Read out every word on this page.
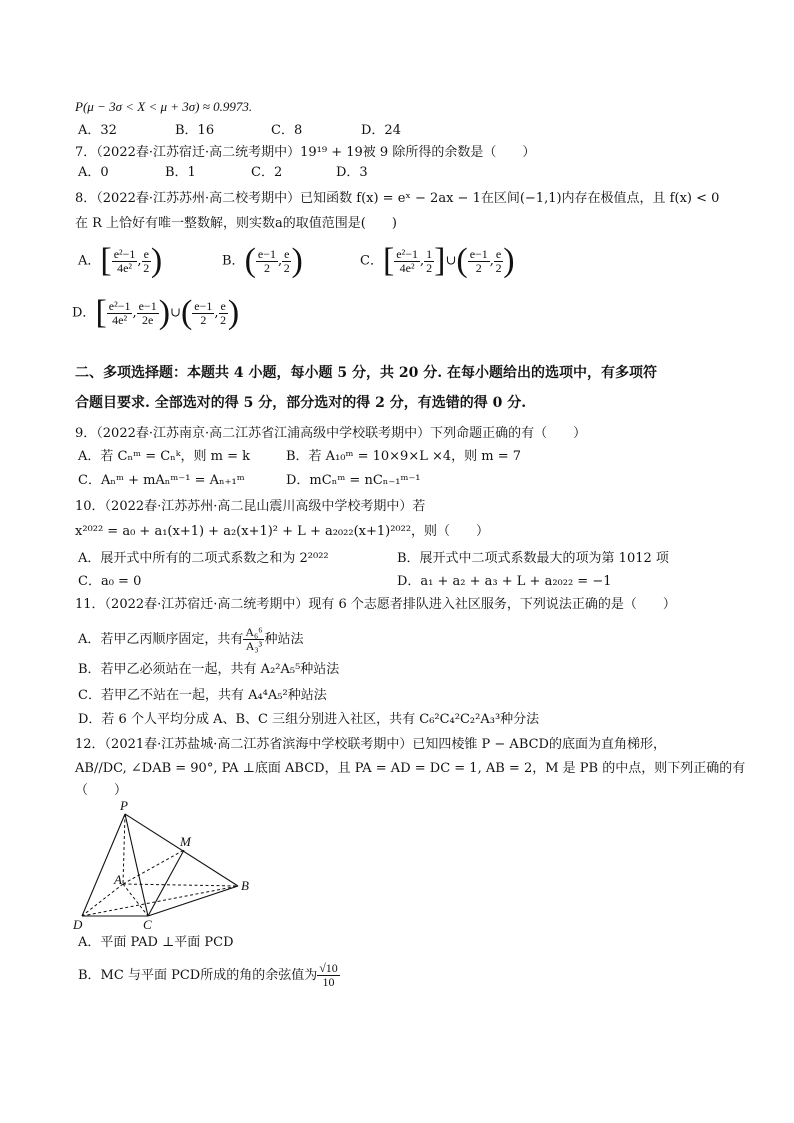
P(μ − 3σ < X < μ + 3σ) ≈ 0.9973.
A．32	B．16	C．8	D．24
7．（2022春·江苏宿迁·高二统考期中）19¹⁹ + 19被 9 除所得的余数是（　　）
A．0	B．1	C．2	D．3
8．（2022春·江苏苏州·高二校考期中）已知函数 f(x) = eˣ − 2ax − 1在区间(−1,1)内存在极值点，且 f(x) < 0
在 R 上恰好有唯一整数解，则实数a的取值范围是(　　)
A．[ $\frac{\text{e²−1}}{\text{4e²}}$ , $\frac{e}{2}$ )	B．( $\frac{e-1}{2}$ , $\frac{e}{2}$ )	C．[ $\frac{\text{e²−1}}{\text{4e²}}$ , $\frac{1}{2}$ ]∪( $\frac{e-1}{2}$ , $\frac{e}{2}$ )
D．[ $\frac{\text{e²−1}}{\text{4e²}}$ , $\frac{e-1}{2e}$ )∪( $\frac{e-1}{2}$ , $\frac{e}{2}$ )
二、多项选择题：本题共 4 小题，每小题 5 分，共 20 分. 在每小题给出的选项中，有多项符
合题目要求. 全部选对的得 5 分，部分选对的得 2 分，有选错的得 0 分.
9．（2022春·江苏南京·高二江苏省江浦高级中学校联考期中）下列命题正确的有（　　）
A．若 Cₙᵐ = Cₙᵏ，则 m = k	B．若 A₁₀ᵐ = 10×9×L ×4，则 m = 7
C．Aₙᵐ + mAₙᵐ⁻¹ = Aₙ₊₁ᵐ	D．mCₙᵐ = nCₙ₋₁ᵐ⁻¹
10．（2022春·江苏苏州·高二昆山震川高级中学校考期中）若
x²⁰²² = a₀ + a₁(x+1) + a₂(x+1)² + L + a₂₀₂₂(x+1)²⁰²²，则（　　）
A．展开式中所有的二项式系数之和为 2²⁰²²	B．展开式中二项式系数最大的项为第 1012 项
C．a₀ = 0	D．a₁ + a₂ + a₃ + L + a₂₀₂₂ = −1
11．（2022春·江苏宿迁·高二统考期中）现有 6 个志愿者排队进入社区服务，下列说法正确的是（　　）
A．若甲乙丙顺序固定，共有 $\frac{\text{A₆⁶}}{\text{A₃³}}$ 种站法
B．若甲乙必须站在一起，共有 A₂²A₅⁵种站法
C．若甲乙不站在一起，共有 A₄⁴A₅²种站法
D．若 6 个人平均分成 A、B、C 三组分别进入社区，共有 C₆²C₄²C₂²A₃³种分法
12．（2021春·江苏盐城·高二江苏省滨海中学校联考期中）已知四棱锥 P − ABCD的底面为直角梯形，
AB//DC, ∠DAB = 90°, PA ⊥底面 ABCD，且 PA = AD = DC = 1, AB = 2，M 是 PB 的中点，则下列正确的有
（　　）
P
M
A	B
D	C
A．平面 PAD ⊥平面 PCD
B．MC 与平面 PCD所成的角的余弦值为 $\frac{√10}{10}$
